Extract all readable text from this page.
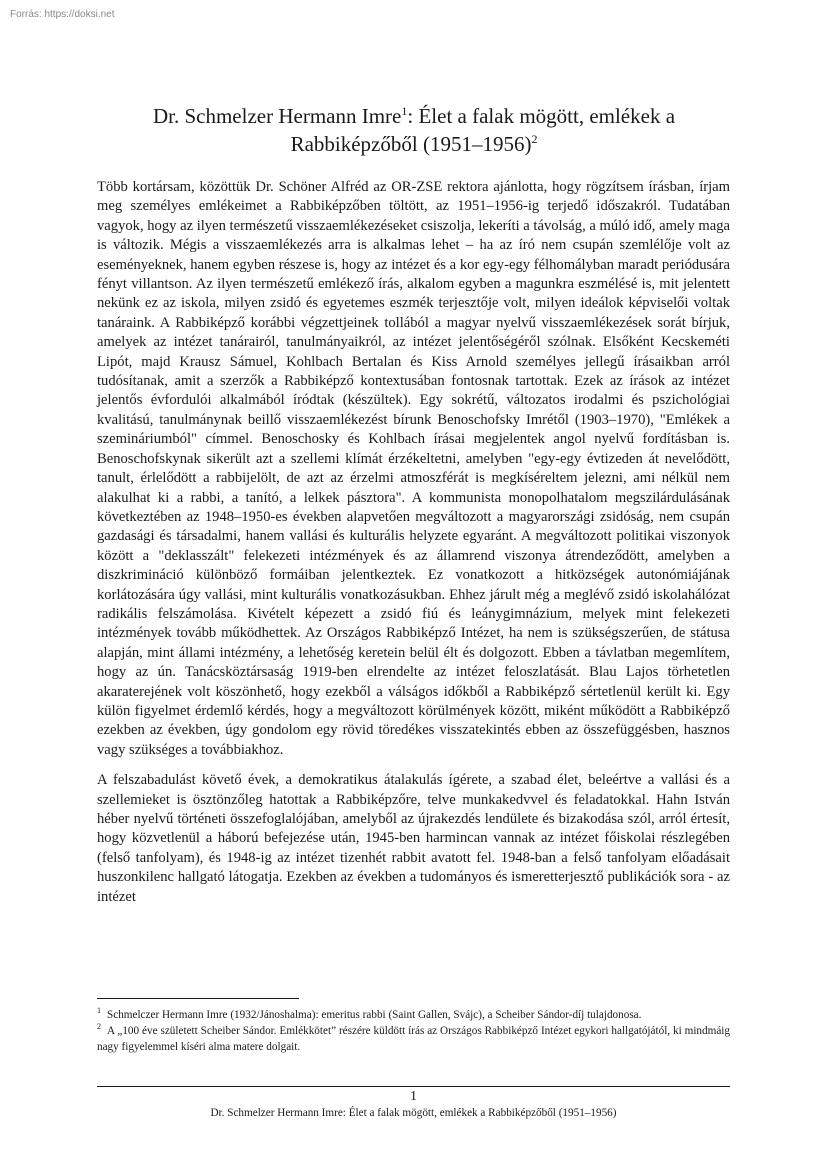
Forrás: https://doksi.net
Dr. Schmelzer Hermann Imre$^1$: Élet a falak mögött, emlékek a
Rabbiképzőből (1951–1956)$^2$

Több kortársam, közöttük Dr. Schöner Alfréd az OR-ZSE rektora ajánlotta, hogy rögzítsem írásban, írjam meg személyes emlékeimet a Rabbiképzőben töltött, az 1951–1956-ig terjedő időszakról. Tudatában vagyok, hogy az ilyen természetű visszaemlékezéseket csiszolja, lekeríti a távolság, a múló idő, amely maga is változik. Mégis a visszaemlékezés arra is alkalmas lehet – ha az író nem csupán szemlélője volt az eseményeknek, hanem egyben részese is, hogy az intézet és a kor egy-egy félhomályban maradt periódusára fényt villantson. Az ilyen természetű emlékező írás, alkalom egyben a magunkra eszmélésé is, mit jelentett nekünk ez az iskola, milyen zsidó és egyetemes eszmék terjesztője volt, milyen ideálok képviselői voltak tanáraink. A Rabbiképző korábbi végzettjeinek tollából a magyar nyelvű visszaemlékezések sorát bírjuk, amelyek az intézet tanárairól, tanulmányaikról, az intézet jelentőségéről szólnak. Elsőként Kecskeméti Lipót, majd Krausz Sámuel, Kohlbach Bertalan és Kiss Arnold személyes jellegű írásaikban arról tudósítanak, amit a szerzők a Rabbiképző kontextusában fontosnak tartottak. Ezek az írások az intézet jelentős évfordulói alkalmából íródtak (készültek). Egy sokrétű, változatos irodalmi és pszichológiai kvalitású, tanulmánynak beillő visszaemlékezést bírunk Benoschofsky Imrétől (1903–1970), "Emlékek a szemináriumból" címmel. Benoschosky és Kohlbach írásai megjelentek angol nyelvű fordításban is. Benoschofskynak sikerült azt a szellemi klímát érzékeltetni, amelyben "egy-egy évtizeden át nevelődött, tanult, érlelődött a rabbijelölt, de azt az érzelmi atmoszférát is megkíséreltem jelezni, ami nélkül nem alakulhat ki a rabbi, a tanító, a lelkek pásztora". A kommunista monopolhatalom megszilárdulásának következtében az 1948–1950-es években alapvetően megváltozott a magyarországi zsidóság, nem csupán gazdasági és társadalmi, hanem vallási és kulturális helyzete egyaránt. A megváltozott politikai viszonyok között a "deklasszált" felekezeti intézmények és az államrend viszonya átrendeződött, amelyben a diszkrimináció különböző formáiban jelentkeztek. Ez vonatkozott a hitközségek autonómiájának korlátozására úgy vallási, mint kulturális vonatkozásukban. Ehhez járult még a meglévő zsidó iskolahálózat radikális felszámolása. Kivételt képezett a zsidó fiú és leánygimnázium, melyek mint felekezeti intézmények tovább működhettek. Az Országos Rabbiképző Intézet, ha nem is szükségszerűen, de státusa alapján, mint állami intézmény, a lehetőség keretein belül élt és dolgozott. Ebben a távlatban megemlítem, hogy az ún. Tanácsköztársaság 1919-ben elrendelte az intézet feloszlatását. Blau Lajos törhetetlen akaraterejének volt köszönhető, hogy ezekből a válságos időkből a Rabbiképző sértetlenül került ki. Egy külön figyelmet érdemlő kérdés, hogy a megváltozott körülmények között, miként működött a Rabbiképző ezekben az években, úgy gondolom egy rövid töredékes visszatekintés ebben az összefüggésben, hasznos vagy szükséges a továbbiakhoz.

A felszabadulást követő évek, a demokratikus átalakulás ígérete, a szabad élet, beleértve a vallási és a szellemieket is ösztönzőleg hatottak a Rabbiképzőre, telve munkakedvvel és feladatokkal. Hahn István héber nyelvű történeti összefoglalójában, amelyből az újrakezdés lendülete és bizakodása szól, arról értesít, hogy közvetlenül a háború befejezése után, 1945-ben harmincan vannak az intézet főiskolai részlegében (felső tanfolyam), és 1948-ig az intézet tizenhét rabbit avatott fel. 1948-ban a felső tanfolyam előadásait huszonkilenc hallgató látogatja. Ezekben az években a tudományos és ismeretterjesztő publikációk sora - az intézet

$^1$ Schmelczer Hermann Imre (1932/Jánoshalma): emeritus rabbi (Saint Gallen, Svájc), a Scheiber Sándor-díj tulajdonosa.

$^2$ A „100 éve született Scheiber Sándor. Emlékkötet” részére küldött írás az Országos Rabbiképző Intézet egykori hallgatójától, ki mindmáig nagy figyelemmel kíséri alma matere dolgait.

1
Dr. Schmelzer Hermann Imre: Élet a falak mögött, emlékek a Rabbiképzőből (1951–1956)
